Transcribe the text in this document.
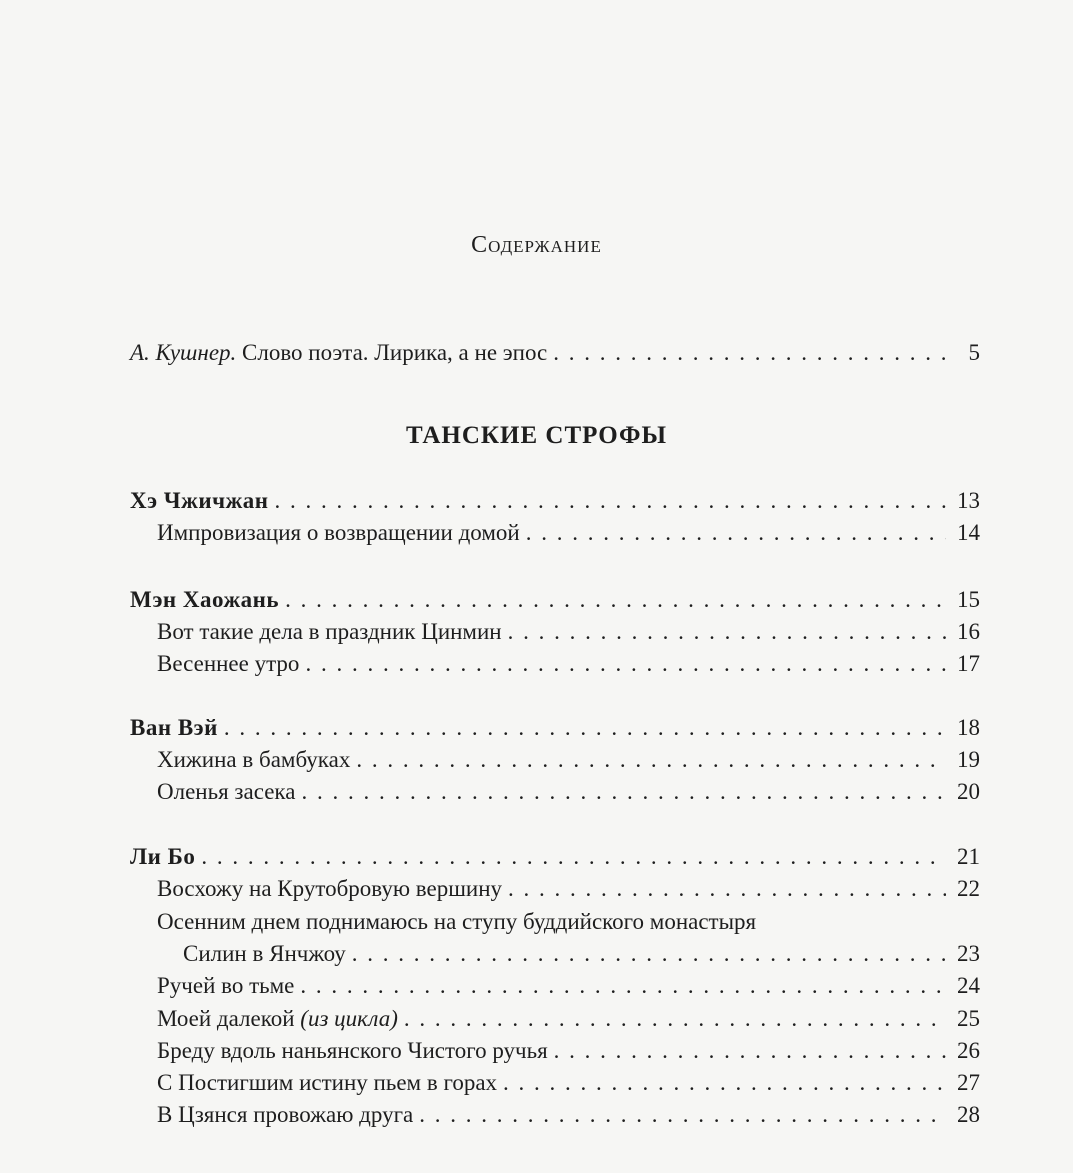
Содержание
А. Кушнер. Слово поэта. Лирика, а не эпос . . .	5
ТАНСКИЕ СТРОФЫ
Хэ Чжичжан . . .	13
Импровизация о возвращении домой . . .	14
Мэн Хаожань . . .	15
Вот такие дела в праздник Цинмин . . .	16
Весеннее утро . . .	17
Ван Вэй . . .	18
Хижина в бамбуках . . .	19
Оленья засека . . .	20
Ли Бо . . .	21
Восхожу на Крутобровую вершину . . .	22
Осенним днем поднимаюсь на ступу буддийского монастыря
Силин в Янчжоу . . .	23
Ручей во тьме . . .	24
Моей далекой (из цикла) . . .	25
Бреду вдоль наньянского Чистого ручья . . .	26
С Постигшим истину пьем в горах . . .	27
В Цзянся провожаю друга . . .	28
